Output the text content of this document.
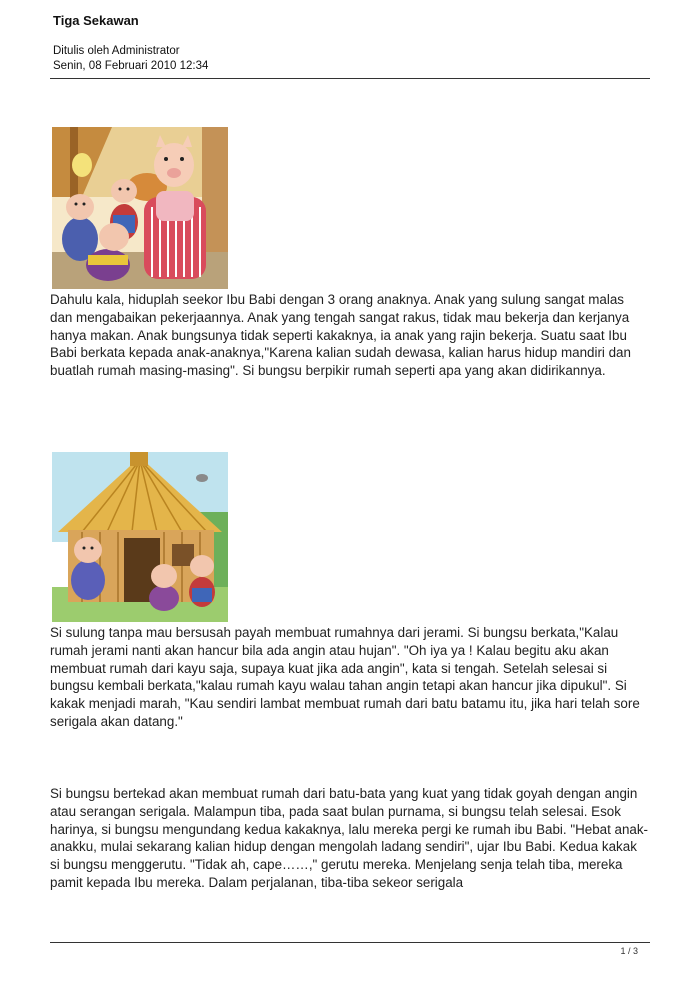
Tiga Sekawan
Ditulis oleh Administrator
Senin, 08 Februari 2010 12:34

Dahulu kala, hiduplah seekor Ibu Babi dengan 3 orang anaknya. Anak yang sulung sangat malas dan mengabaikan pekerjaannya. Anak yang tengah sangat rakus, tidak mau bekerja dan kerjanya hanya makan. Anak bungsunya tidak seperti kakaknya, ia anak yang rajin bekerja. Suatu saat Ibu Babi berkata kepada anak-anaknya,"Karena kalian sudah dewasa, kalian harus hidup mandiri dan buatlah rumah masing-masing". Si bungsu berpikir rumah seperti apa yang akan didirikannya.

Si sulung tanpa mau bersusah payah membuat rumahnya dari jerami. Si bungsu berkata,"Kalau rumah jerami nanti akan hancur bila ada angin atau hujan". "Oh iya ya ! Kalau begitu aku akan membuat rumah dari kayu saja, supaya kuat jika ada angin", kata si tengah. Setelah selesai si bungsu kembali berkata,"kalau rumah kayu walau tahan angin tetapi akan hancur jika dipukul". Si kakak menjadi marah, "Kau sendiri lambat membuat rumah dari batu batamu itu, jika hari telah sore serigala akan datang."

Si bungsu bertekad akan membuat rumah dari batu-bata yang kuat yang tidak goyah dengan angin atau serangan serigala. Malampun tiba, pada saat bulan purnama, si bungsu telah selesai. Esok harinya, si bungsu mengundang kedua kakaknya, lalu mereka pergi ke rumah ibu Babi. "Hebat anak-anakku, mulai sekarang kalian hidup dengan mengolah ladang sendiri", ujar Ibu Babi. Kedua kakak si bungsu menggerutu. "Tidak ah, cape……," gerutu mereka. Menjelang senja telah tiba, mereka pamit kepada Ibu mereka. Dalam perjalanan, tiba-tiba sekeor serigala

1 / 3
